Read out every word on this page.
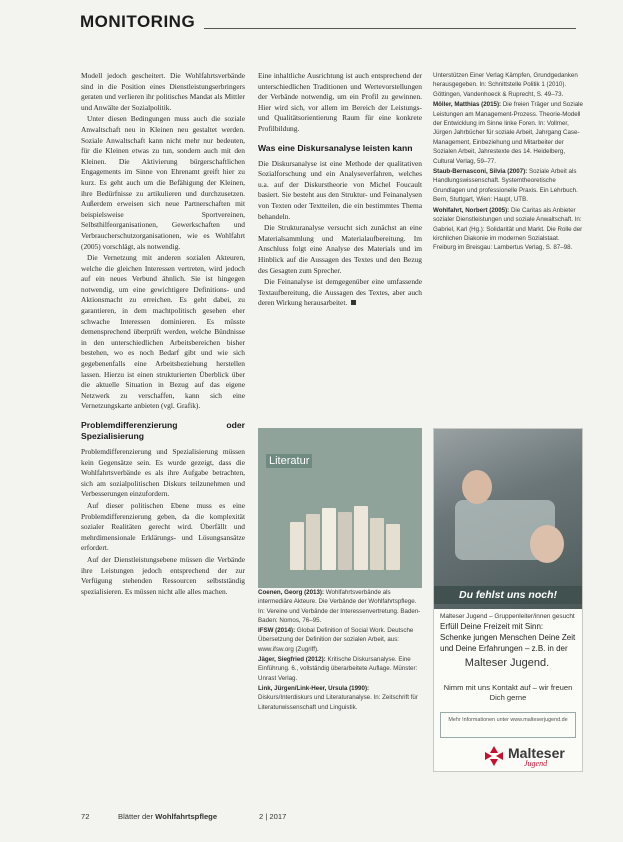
MONITORING

Modell jedoch gescheitert. Die Wohlfahrtsverbände sind in die Position eines Dienstleistungserbringers geraten und verlieren ihr politisches Mandat als Mittler und Anwälte der Sozialpolitik.

Unter diesen Bedingungen muss auch die soziale Anwaltschaft neu in Kleinen neu gestaltet werden. Soziale Anwaltschaft kann nicht mehr nur bedeuten, für die Kleinen etwas zu tun, sondern auch mit den Kleinen. Die Aktivierung bürgerschaftlichen Engagements im Sinne von Ehrenamt greift hier zu kurz. Es geht auch um die Befähigung der Kleinen, ihre Bedürfnisse zu artikulieren und durchzusetzen. Außerdem erweisen sich neue Partnerschaften mit beispielsweise Sportvereinen, Selbsthilfeorganisationen, Gewerkschaften und Verbraucherschutzorganisationen, wie es Wohlfahrt (2005) vorschlägt, als notwendig.

Die Vernetzung mit anderen sozialen Akteuren, welche die gleichen Interessen vertreten, wird jedoch auf ein neues Verbund ähnlich. Sie ist hingegen notwendig, um eine gewichtigere Definitions- und Aktionsmacht zu erreichen. Es geht dabei, zu garantieren, in dem machtpolitisch gesehen eher schwache Interessen dominieren. Es müsste demensprechend überprüft werden, welche Bündnisse in den unterschiedlichen Arbeitsbereichen bisher bestehen, wo es noch Bedarf gibt und wie sich gegebenenfalls eine Arbeitsbeziehung herstellen lassen. Hierzu ist einen strukturierten Überblick über die aktuelle Situation in Bezug auf das eigene Netzwerk zu verschaffen, kann sich eine Vernetzungskarte anbieten (vgl. Grafik).

Problemdifferenzierung oder Spezialisierung

Problemdifferenzierung und Spezialisierung müssen kein Gegensätze sein. Es wurde gezeigt, dass die Wohlfahrtsverbände es als ihre Aufgabe betrachten, sich am sozialpolitischen Diskurs teilzunehmen und Verbesserungen einzufordern.

Auf dieser politischen Ebene muss es eine Problemdifferenzierung geben, da die komplexität sozialer Realitäten gerecht wird. Überfällt und mehrdimensionale Erklärungs- und Lösungsansätze erfordert.

Auf der Dienstleistungsebene müssen die Verbände ihre Leistungen jedoch entsprechend der zur Verfügung stehenden Ressourcen selbstständig spezialisieren. Es müssen nicht alle alles machen.

Eine inhaltliche Ausrichtung ist auch entsprechend der unterschiedlichen Traditionen und Wertevorstellungen der Verbände notwendig, um ein Profil zu gewinnen. Hier wird sich, vor allem im Bereich der Leistungs- und Qualitätsorientierung Raum für eine konkrete Profilbildung.

Was eine Diskursanalyse leisten kann

Die Diskursanalyse ist eine Methode der qualitativen Sozialforschung und ein Analyseverfahren, welches u.a. auf der Diskurstheorie von Michel Foucault basiert. Sie besteht aus den Struktur- und Feinanalysen von Texten oder Textteilen, die ein bestimmtes Thema behandeln.

Die Strukturanalyse versucht sich zunächst an eine Materialsammlung und Materialaufbereitung. Im Anschluss folgt eine Analyse des Materials und im Hinblick auf die Aussagen des Textes und den Bezug des Gesagten zum Sprecher.

Die Feinanalyse ist demgegenüber eine umfassende Textaufbereitung, die Aussagen des Textes, aber auch deren Wirkung herausarbeitet.

Unterstützen Einer Verlag Kämpfen, Grundgedanken herausgegeben. In: Schnittstelle Politik 1 (2010). Göttingen, Vandenhoeck & Ruprecht, S. 49–73.

Möller, Matthias (2015): Die freien Träger und Soziale Leistungen am Management-Prozess. Theorie-Modell der Entwicklung im Sinne linke Foren. In: Vollmer, Jürgen Jahrbücher für soziale Arbeit, Jahrgang Case-Management, Einbeziehung und Mitarbeiter der Sozialen Arbeit, Jahrestexte des 14. Heidelberg, Cultural Verlag, 59–77.

Staub-Bernasconi, Silvia (2007): Soziale Arbeit als Handlungswissenschaft. Systemtheoretische Grundlagen und professionelle Praxis. Ein Lehrbuch. Bern, Stuttgart, Wien: Haupt, UTB.

Wohlfahrt, Norbert (2005): Die Caritas als Anbieter sozialer Dienstleistungen und soziale Anwaltschaft. In: Gabriel, Karl (Hg.): Solidarität und Markt. Die Rolle der kirchlichen Diakonie im modernen Sozialstaat. Freiburg im Breisgau: Lambertus Verlag, S. 87–98.

Literatur

Coenen, Georg (2013): Wohlfahrtsverbände als intermediäre Akteure. Die Verbände der Wohlfahrtspflege. In: Vereine und Verbände der Interessenvertretung. Baden-Baden: Nomos, 76–95.

IFSW (2014): Global Definition of Social Work. Deutsche Übersetzung der Definition der sozialen Arbeit, aus: www.ifsw.org (Zugriff).

Jäger, Siegfried (2012): Kritische Diskursanalyse. Eine Einführung. 6., vollständig überarbeitete Auflage. Münster: Unrast Verlag.

Link, Jürgen/Link-Heer, Ursula (1990): Diskurs/Interdiskurs und Literaturanalyse. In: Zeitschrift für Literaturwissenschaft und Linguistik.

Du fehlst uns noch!
Malteser Jugend – Gruppenleiter/innen gesucht
Erfüll Deine Freizeit mit Sinn: Schenke jungen Menschen Deine Zeit und Deine Erfahrungen – z.B. in der
Malteser Jugend.
Nimm mit uns Kontakt auf – wir freuen Dich gerne
Mehr Informationen unter www.malteserjugend.de
Malteser
Jugend
72	Blätter der Wohlfahrtspflege	2 | 2017
